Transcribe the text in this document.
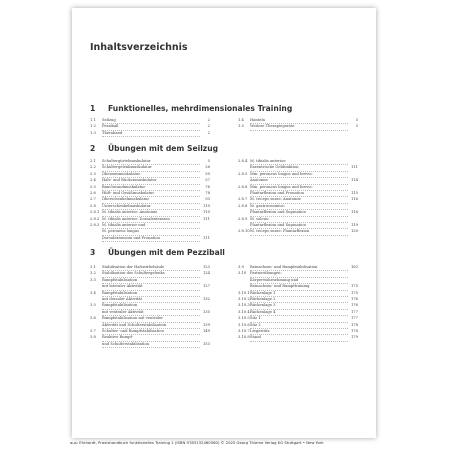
Inhaltsverzeichnis
1 Funktionelles, mehrdimensionales Training
1.1	Seilzug	2
1.2	Pezziball	2
1.3	Theraband	2
1.4	Hanteln	3
1.5	Weitere Therapiegeräte	3
2 Übungen mit dem Seilzug
2.1	Schultergürtelmuskulatur	5
2.2	Schultergelenkmuskulatur	26
2.3	Oberarmmuskulatur	50
2.4	Hals- und Rückenmuskulatur	57
2.5	Bauchwandmuskulatur	76
2.6	Hüft- und Gesäßmuskulatur	78
2.7	Oberschenkelmuskulatur	93
2.8	Unterschenkelmuskulatur	110
2.8.1 M. tibialis anterior: Anatomie	110
2.8.2 M. tibialis anterior: Dorsalextension	111
2.8.3 M. tibialis anterior und
M. peroneus longus
Dorsalextension und Pronation	111
2.8.4 M. tibialis anterior:
Exzentrische Gehfunktion	111
2.8.5 Mm. peroneus longus und brevis:
Anatomie	114
2.8.6 Mm. peroneus longus und brevis:
Plantarflexion und Pronation	115
2.8.7 M. triceps surae: Anatomie	116
2.8.8 M. gastrocnemius:
Plantarflexion und Supination	116
2.8.9 M. soleus:
Plantarflexion und Supination	119
2.8.10 M. triceps surae: Plantarflexion	120
3 Übungen mit dem Pezziball
3.1	Stabilisation der Halswirbelsäule	123
3.2	Stabilisation des Schultergelenks	124
3.3	Rumpfstabilisation
mit lateraler Aktivität	127
3.4	Rumpfstabilisation
mit dorsaler Aktivität	132
3.5	Rumpfstabilisation
mit ventraler Aktivität	135
3.6	Rumpfstabilisation mit ventraler
Aktivität und Schulterstabilisation	139
3.7	Schulter- und Rumpfstabilisation	149
3.8	Reaktive Rumpf-
und Schulterstabilisation	153
3.9	Beinachsen- und Rumpfstabilisation	162
3.10	Partnerübungen:
Körperwahrnehmung und
Beinachsen- und Rumpftraining	175
3.10.1 Rückenlage 1	175
3.10.2 Rückenlage 2	176
3.10.3 Rückenlage 3	176
3.10.4 Rückenlage 4	177
3.10.5 Sitz 1	177
3.10.6 Sitz 2	178
3.10.7 Liegestütz	178
3.10.8 Stand	179
aus: Ehrhardt, Praxishandbuch funktionelles Training 1 (ISBN 9783132460560) © 2025 Georg Thieme Verlag KG Stuttgart • New York
